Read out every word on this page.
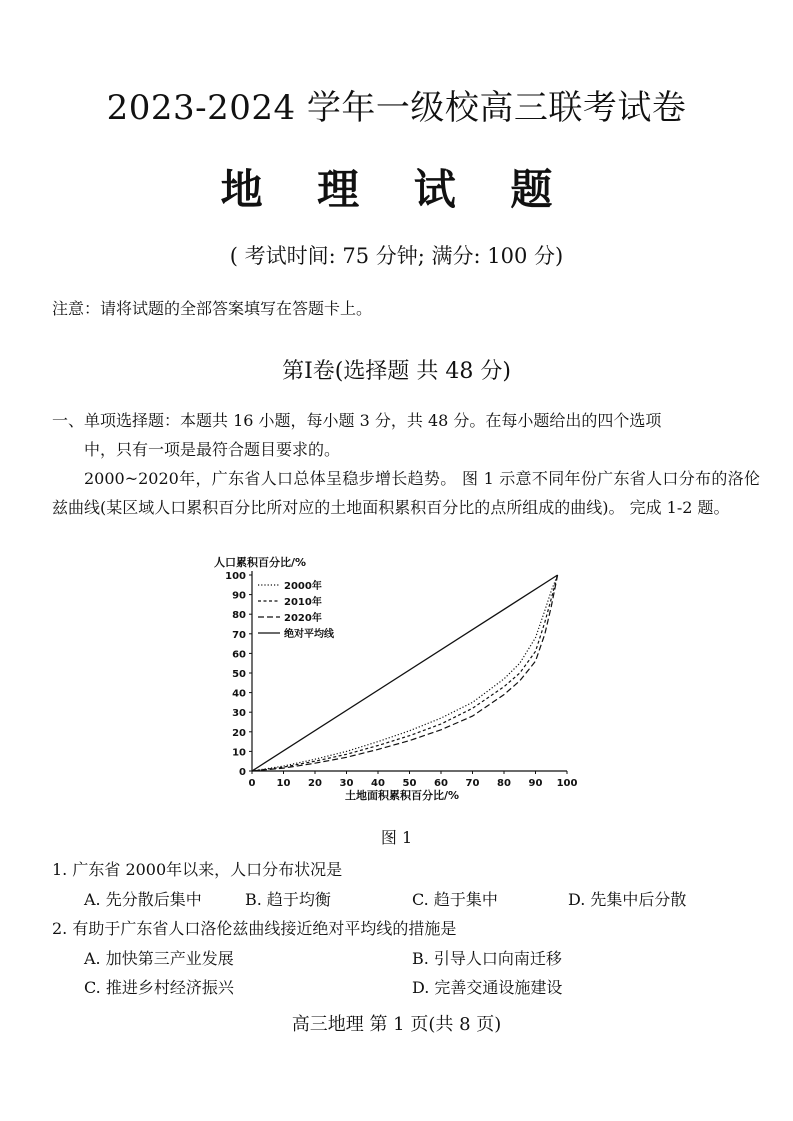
2023-2024 学年一级校高三联考试卷
地 理 试 题
( 考试时间: 75 分钟; 满分: 100 分)
注意：请将试题的全部答案填写在答题卡上。
第Ⅰ卷(选择题 共 48 分)
一、单项选择题：本题共 16 小题，每小题 3 分，共 48 分。在每小题给出的四个选项
中，只有一项是最符合题目要求的。
2000~2020年，广东省人口总体呈稳步增长趋势。 图 1 示意不同年份广东省人口分布的洛伦兹曲线(某区域人口累积百分比所对应的土地面积累积百分比的点所组成的曲线)。 完成 1-2 题。
人口累积百分比/%
土地面积累积百分比/%
0
10
20
30
40
50
60
70
80
90
100
0 10 20 30 40 50 60 70 80 90 100
2000年
2010年
2020年
绝对平均线
图 1
1. 广东省 2000年以来，人口分布状况是
A. 先分散后集中	B. 趋于均衡	C. 趋于集中	D. 先集中后分散
2. 有助于广东省人口洛伦兹曲线接近绝对平均线的措施是
A. 加快第三产业发展	B. 引导人口向南迁移
C. 推进乡村经济振兴	D. 完善交通设施建设
高三地理 第 1 页(共 8 页)
